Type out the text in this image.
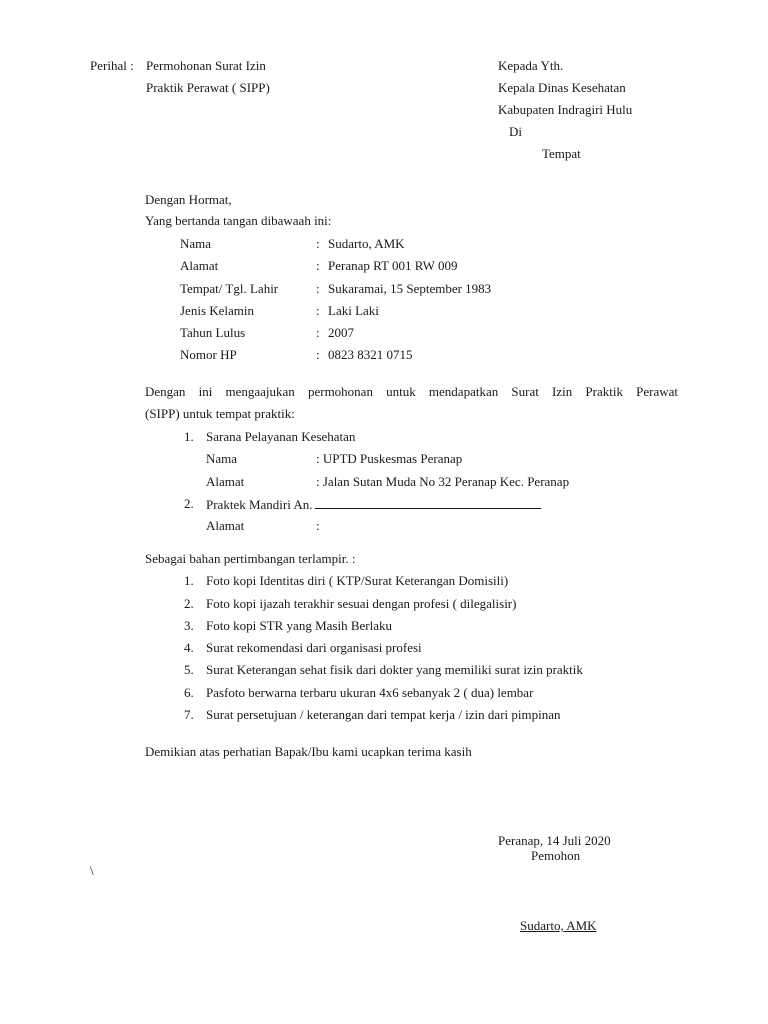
Perihal : Permohonan Surat Izin
Praktik Perawat ( SIPP)
Kepada Yth.
Kepala Dinas Kesehatan
Kabupaten Indragiri Hulu
Di
Tempat
Dengan Hormat,
Yang bertanda tangan dibawaah ini:
Nama	: Sudarto, AMK
Alamat	: Peranap RT 001 RW 009
Tempat/ Tgl. Lahir	: Sukaramai, 15 September 1983
Jenis Kelamin	: Laki Laki
Tahun Lulus	: 2007
Nomor HP	: 0823 8321 0715
Dengan ini mengaajukan permohonan untuk mendapatkan Surat Izin Praktik Perawat
(SIPP) untuk tempat praktik:
1. Sarana Pelayanan Kesehatan
Nama	: UPTD Puskesmas Peranap
Alamat	: Jalan Sutan Muda No 32 Peranap Kec. Peranap
2. Praktek Mandiri An.
Alamat	:
Sebagai bahan pertimbangan terlampir. :
1. Foto kopi Identitas diri ( KTP/Surat Keterangan Domisili)
2. Foto kopi ijazah terakhir sesuai dengan profesi ( dilegalisir)
3. Foto kopi STR yang Masih Berlaku
4. Surat rekomendasi dari organisasi profesi
5. Surat Keterangan sehat fisik dari dokter yang memiliki surat izin praktik
6. Pasfoto berwarna terbaru ukuran 4x6 sebanyak 2 ( dua) lembar
7. Surat persetujuan / keterangan dari tempat kerja / izin dari pimpinan
Demikian atas perhatian Bapak/Ibu kami ucapkan terima kasih
Peranap, 14 Juli 2020
Pemohon
\
Sudarto, AMK
